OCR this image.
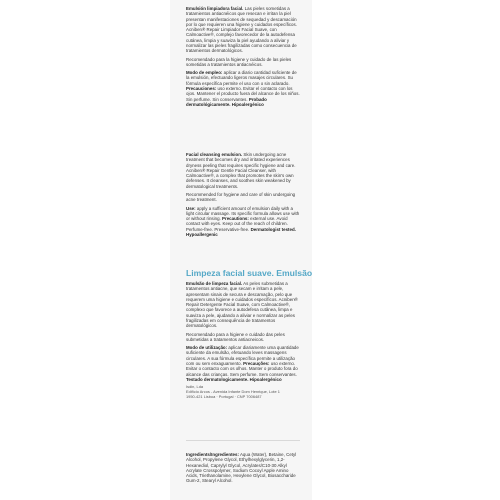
Emulsión limpiadora facial. Las pieles sometidas a tratamientos antiacnéicos que resecan e irritan la piel presentan manifestaciones de sequedad y descamación por lo que requieren una higiene y cuidados específicos. Acniben® Repair Limpiador Facial Suave, con Calmoactive®, complejo favorecedor de la autodefensa cutánea, limpia y suaviza la piel ayudando a aliviar y normalizar las pieles fragilizadas como consecuencia de tratamientos dermatológicos.

Recomendado para la higiene y cuidado de las pieles sometidas a tratamientos antiacnéicos.

Modo de empleo: aplicar a diario cantidad suficiente de la emulsión, efectuando ligeros masajes circulares. Su fórmula específica permite el uso con o sin aclarado. Precauciones: uso externo. Evitar el contacto con los ojos. Mantener el producto fuera del alcance de los niños. Sin perfume. Sin conservantes. Probado dermatológicamente. Hipoalergénico

Facial cleansing emulsion. Skin undergoing acne treatment that becomes dry and irritated experiences dryness peeling that requires specific hygiene and care. Acniben® Repair Gentle Facial Cleanser, with Calmoactive®, a complex that promotes the skin's own defenses. It cleanses, and soothes skin weakened by dermatological treatments.

Recommended for hygiene and care of skin undergoing acne treatment.

Use: apply a sufficient amount of emulsion daily with a light circular massage. Its specific formula allows use with or without rinsing. Precautions: external use. Avoid contact with eyes. Keep out of the reach of children. Perfume-free. Preservative-free. Dermatologist tested. Hypoallergenic

Limpeza facial suave. Emulsão

Emulsão de limpeza facial. As peles submetidas a tratamentos antiacne, que secam e irritam a pele, apresentam sinais de secura e descamação, pelo que requerem uma higiene e cuidados específicos. Acniben® Repair Detergente Facial Suave, com Calmoactive®, complexo que favorece a autodefesa cutânea, limpa e suaviza a pele, ajudando a aliviar e normalizar as peles fragilizadas em consequência de tratamentos dermatológicos.

Recomendado para a higiene e cuidado das peles submetidas a tratamentos antiacneicos.

Modo de utilização: aplicar diariamente uma quantidade suficiente da emulsão, efetuando leves massagens circulares. A sua fórmula específica permite a utilização com ou sem enxaguamento. Precauções: uso externo. Evitar o contacto com os olhos. Manter o produto fora do alcance das crianças. Sem perfume. Sem conservantes. Testado dermatologicamente. Hipoalergénico

Isdin, Lda
Edifício Arcos - Avenida Infante Dom Henrique, Lote 1
1950-421 Lisboa · Portugal · CNP 7006487

Ingredients/Ingredientes: Aqua (Water), Betaine, Cetyl Alcohol, Propylene Glycol, Ethylhexylglycerin, 1,2-Hexanediol, Caprylyl Glycol, Acrylates/C10-30 Alkyl Acrylate Crosspolymer, Sodium Cocoyl Apple Amino Acids, Triethanolamine, Hexylene Glycol, Biosaccharide Gum-2, Stearyl Alcohol.
